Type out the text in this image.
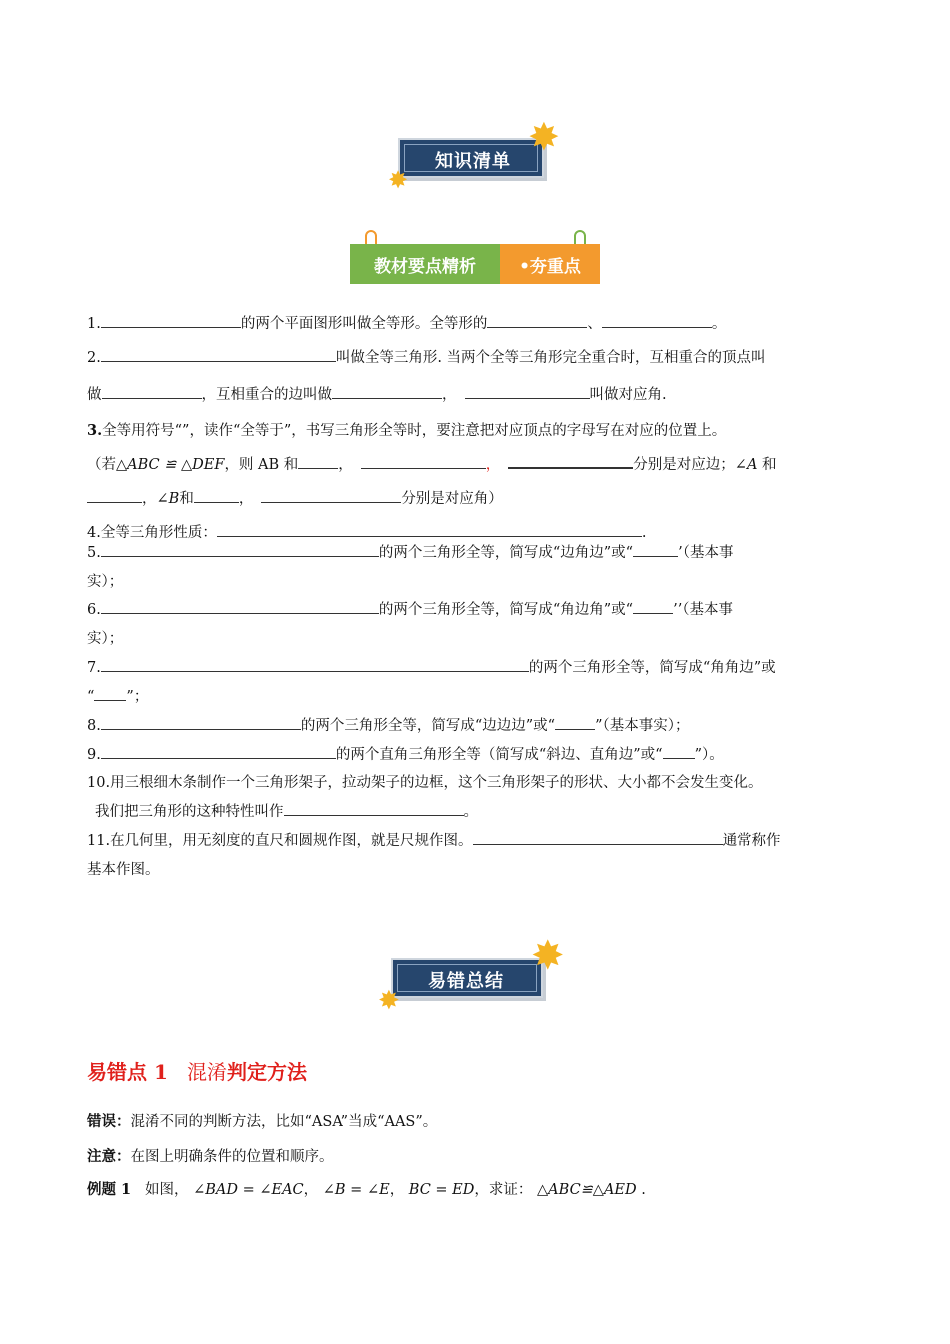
知识清单
✸
✸
教材要点精析	•夯重点
1.	的两个平面图形叫做全等形。全等形的	、	。
2.	叫做全等三角形. 当两个全等三角形完全重合时，互相重合的顶点叫
做	，互相重合的边叫做	，	叫做对应角.
3.全等用符号“”，读作“全等于”，书写三角形全等时，要注意把对应顶点的字母写在对应的位置上。
（若△ABC ≌ △DEF，则 AB 和	，	，	分别是对应边；∠A 和
，∠B和	，	分别是对应角）
4.全等三角形性质：	.
5.	的两个三角形全等，简写成“边角边”或“	’（基本事
实）；
6.	的两个三角形全等，简写成“角边角”或“	’’（基本事
实）；
7.	的两个三角形全等，简写成“角角边”或
“ ”；
8.	的两个三角形全等，简写成“边边边”或“	”（基本事实）；
9.	的两个直角三角形全等（简写成“斜边、直角边”或“ ”）。
10.用三根细木条制作一个三角形架子，拉动架子的边框，这个三角形架子的形状、大小都不会发生变化。
我们把三角形的这种特性叫作	。
11.在几何里，用无刻度的直尺和圆规作图，就是尺规作图。	通常称作
基本作图。
易错总结
✸
✸
易错点 1 混淆判定方法
错误：混淆不同的判断方法，比如“ASA”当成“AAS”。
注意：在图上明确条件的位置和顺序。
例题 1 如图， ∠BAD = ∠EAC， ∠B = ∠E， BC = ED，求证： △ABC≌△AED .
